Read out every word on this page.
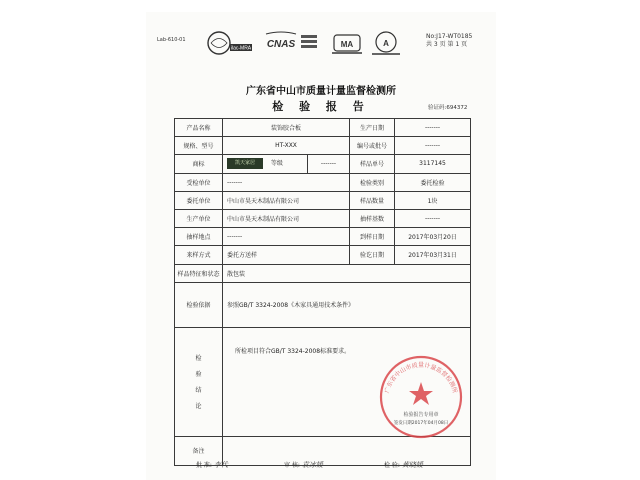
Lab-610-01
ilac-MRA CNAS	MA	A
No:J17-WT0185
共 3 页 第 1 页
广东省中山市质量计量监督检测所
检 验 报 告	验证码:694372
产品名称	装饰胶合板		生产日期	-------
规格、型号	HT-XXX		编号或批号	-------
商标	凯天家居 等级	-------	样品单号	3117145
受检单位	-------		检验类别	委托检验
委托单位	中山市昊天木制品有限公司		样品数量	1块
生产单位	中山市昊天木制品有限公司		抽样基数	-------
抽样地点	-------		到样日期	2017年03月20日
来样方式	委托方送样		验讫日期	2017年03月31日
样品特征和状态	散包装			
检验依据	参照GB/T 3324-2008《木家具通用技术条件》			

检
验
结
论	所检项目符合GB/T 3324-2008标准要求。			

备注				
广东省中山市质量计量监督检测所
检验报告专用章
签发日期2017年04月08日
批 准: 李代	审 核: 袁冰媛	检 验: 黄晓媛
